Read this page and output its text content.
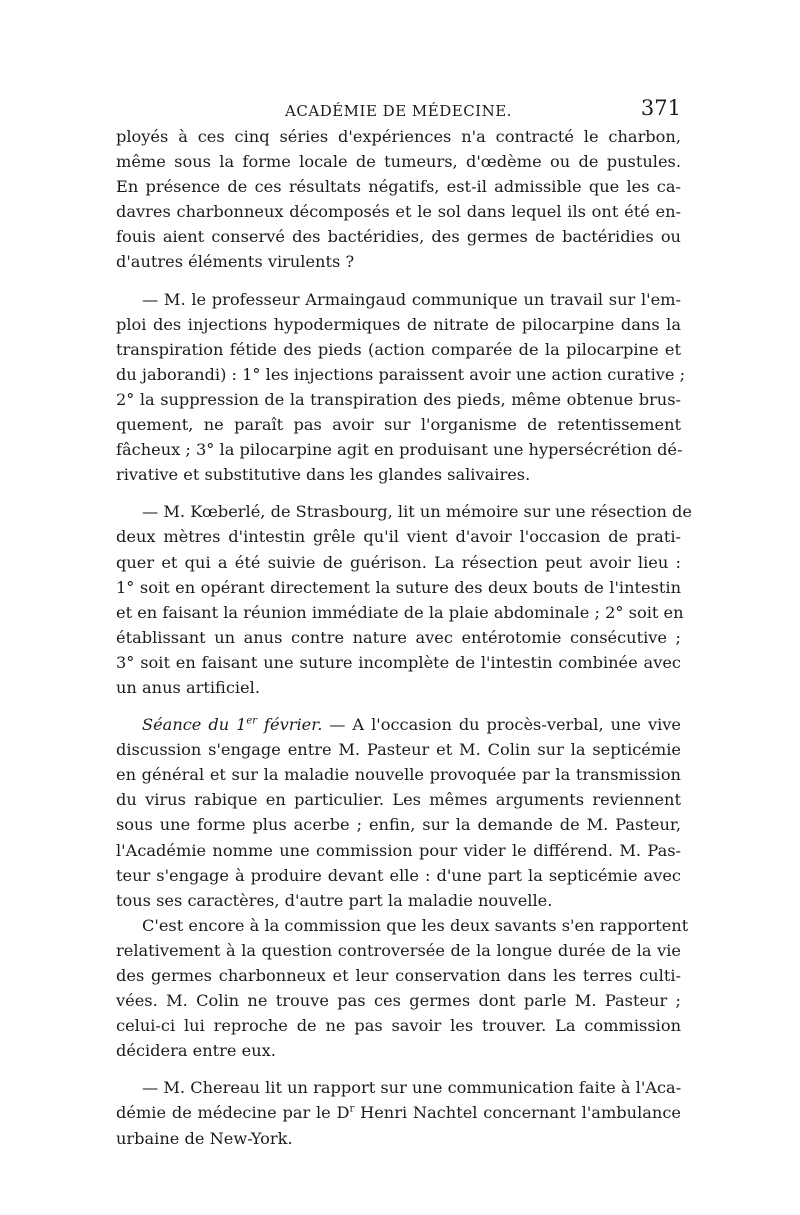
ACADÉMIE DE MÉDECINE.	371
ployés à ces cinq séries d'expériences n'a contracté le charbon,
même sous la forme locale de tumeurs, d'œdème ou de pustules.
En présence de ces résultats négatifs, est-il admissible que les ca-
davres charbonneux décomposés et le sol dans lequel ils ont été en-
fouis aient conservé des bactéridies, des germes de bactéridies ou
d'autres éléments virulents ?
— M. le professeur Armaingaud communique un travail sur l'em-
ploi des injections hypodermiques de nitrate de pilocarpine dans la
transpiration fétide des pieds (action comparée de la pilocarpine et
du jaborandi) : 1° les injections paraissent avoir une action curative ;
2° la suppression de la transpiration des pieds, même obtenue brus-
quement, ne paraît pas avoir sur l'organisme de retentissement
fâcheux ; 3° la pilocarpine agit en produisant une hypersécrétion dé-
rivative et substitutive dans les glandes salivaires.
— M. Kœberlé, de Strasbourg, lit un mémoire sur une résection de
deux mètres d'intestin grêle qu'il vient d'avoir l'occasion de prati-
quer et qui a été suivie de guérison. La résection peut avoir lieu :
1° soit en opérant directement la suture des deux bouts de l'intestin
et en faisant la réunion immédiate de la plaie abdominale ; 2° soit en
établissant un anus contre nature avec entérotomie consécutive ;
3° soit en faisant une suture incomplète de l'intestin combinée avec
un anus artificiel.
Séance du 1er février. — A l'occasion du procès-verbal, une vive
discussion s'engage entre M. Pasteur et M. Colin sur la septicémie
en général et sur la maladie nouvelle provoquée par la transmission
du virus rabique en particulier. Les mêmes arguments reviennent
sous une forme plus acerbe ; enfin, sur la demande de M. Pasteur,
l'Académie nomme une commission pour vider le différend. M. Pas-
teur s'engage à produire devant elle : d'une part la septicémie avec
tous ses caractères, d'autre part la maladie nouvelle.
C'est encore à la commission que les deux savants s'en rapportent
relativement à la question controversée de la longue durée de la vie
des germes charbonneux et leur conservation dans les terres culti-
vées. M. Colin ne trouve pas ces germes dont parle M. Pasteur ;
celui-ci lui reproche de ne pas savoir les trouver. La commission
décidera entre eux.
— M. Chereau lit un rapport sur une communication faite à l'Aca-
démie de médecine par le $D^r$ Henri Nachtel concernant l'ambulance
urbaine de New-York.
